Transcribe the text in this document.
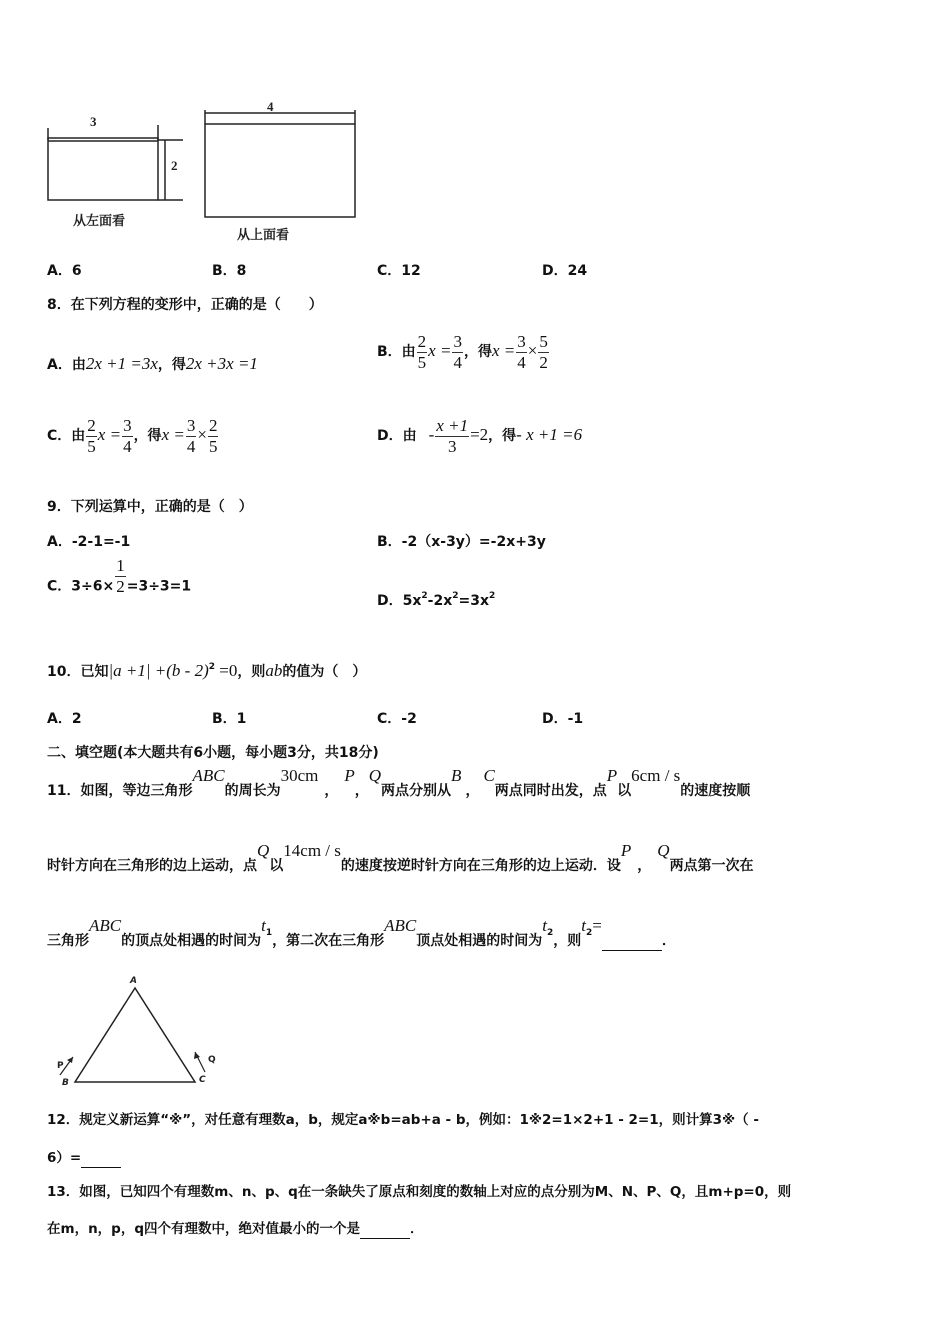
3
2
从左面看
4
从上面看
A．6	B．8	C．12	D．24
8．在下列方程的变形中，正确的是（　　）
A．由2x +1 =3x，得2x +3x =1
B．由 $\frac{2}{5}$ $x = \frac{3}{4}$ ，得$x = \frac{3}{4} \times \frac{5}{2}$
C．由 $\frac{2}{5}$ $x = \frac{3}{4}$ ，得$x = \frac{3}{4} \times \frac{2}{5}$	D．由 - $\frac{x +1}{3} =2$，得- x +1 =6
9．下列运算中，正确的是（　）
A．-2-1=-1	B．-2（x-3y）=-2x+3y
C．$3\div 6\times \frac{1}{2} =3\div 3=1$
D．$5x^2-2x^2=3x^2$
10．已知|a +1| +(b - 2)$^2$ =0，则ab的值为（　）
A．2	B．1	C．-2	D．-1
二、填空题(本大题共有6小题，每小题3分，共18分)
11．如图，等边三角形ABC的周长为30cm，P，Q两点分别从B，C两点同时出发，点P以6cm / s的速度按顺
时针方向在三角形的边上运动，点Q以14cm / s的速度按逆时针方向在三角形的边上运动．设P，Q两点第一次在
三角形ABC的顶点处相遇的时间为$t^1$，第二次在三角形ABC顶点处相遇的时间为$t^2$，则$t^2=$ ．
A
B	C
P
Q
12．规定义新运算“※”，对任意有理数a，b，规定a※b=ab+a - b，例如：1※2=1×2+1 - 2=1，则计算3※（ -
6）=
13．如图，已知四个有理数m、n、p、q在一条缺失了原点和刻度的数轴上对应的点分别为M、N、P、Q，且m+p=0，则
在m，n，p，q四个有理数中，绝对值最小的一个是	．
